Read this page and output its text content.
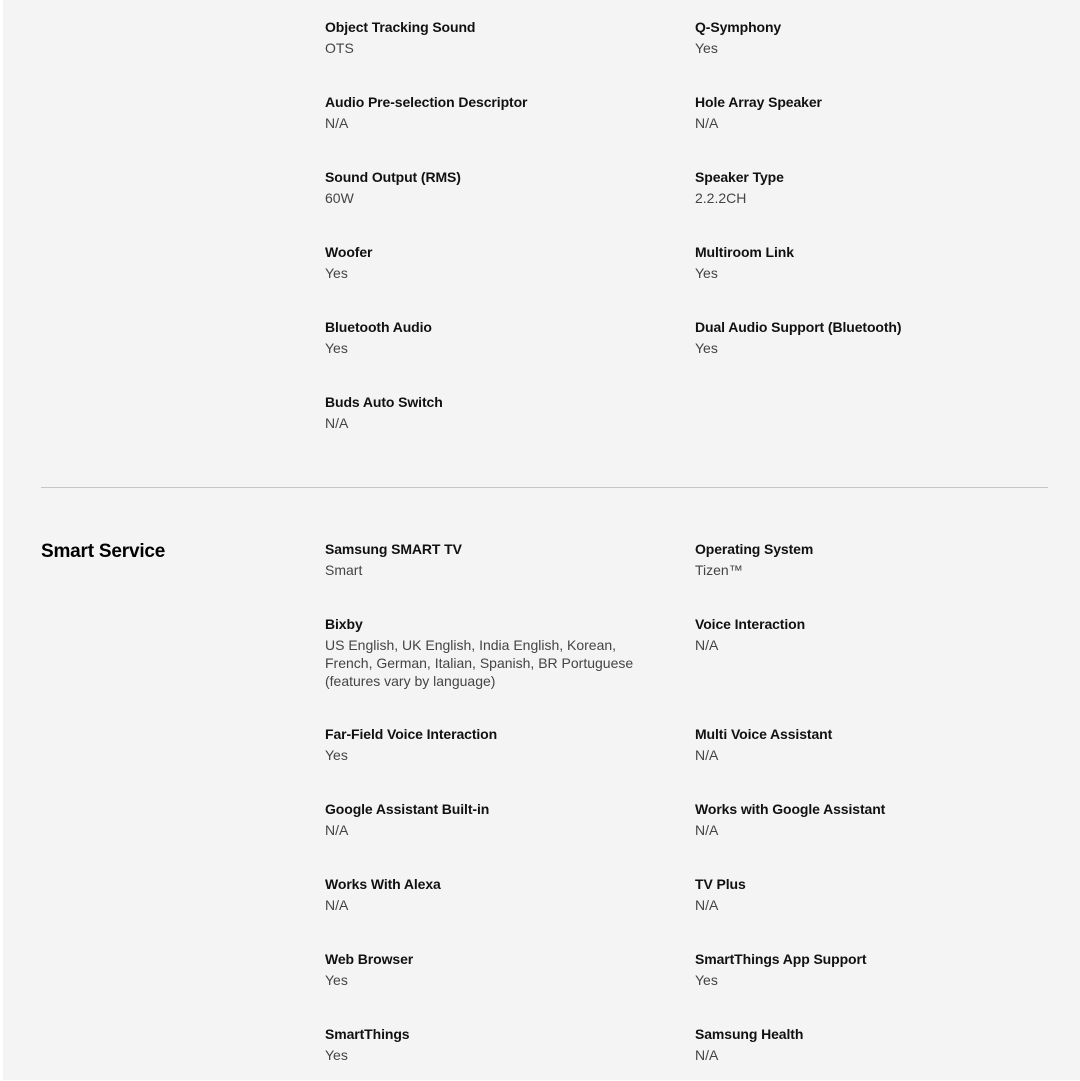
Object Tracking Sound
OTS
Q-Symphony
Yes
Audio Pre-selection Descriptor
N/A
Hole Array Speaker
N/A
Sound Output (RMS)
60W
Speaker Type
2.2.2CH
Woofer
Yes
Multiroom Link
Yes
Bluetooth Audio
Yes
Dual Audio Support (Bluetooth)
Yes
Buds Auto Switch
N/A
Smart Service	Samsung SMART TV
Smart
Operating System
Tizen™
Bixby
US English, UK English, India English, Korean, French, German, Italian, Spanish, BR Portuguese (features vary by language)
Voice Interaction
N/A
Far-Field Voice Interaction
Yes
Multi Voice Assistant
N/A
Google Assistant Built-in
N/A
Works with Google Assistant
N/A
Works With Alexa
N/A
TV Plus
N/A
Web Browser
Yes
SmartThings App Support
Yes
SmartThings
Yes
Samsung Health
N/A
